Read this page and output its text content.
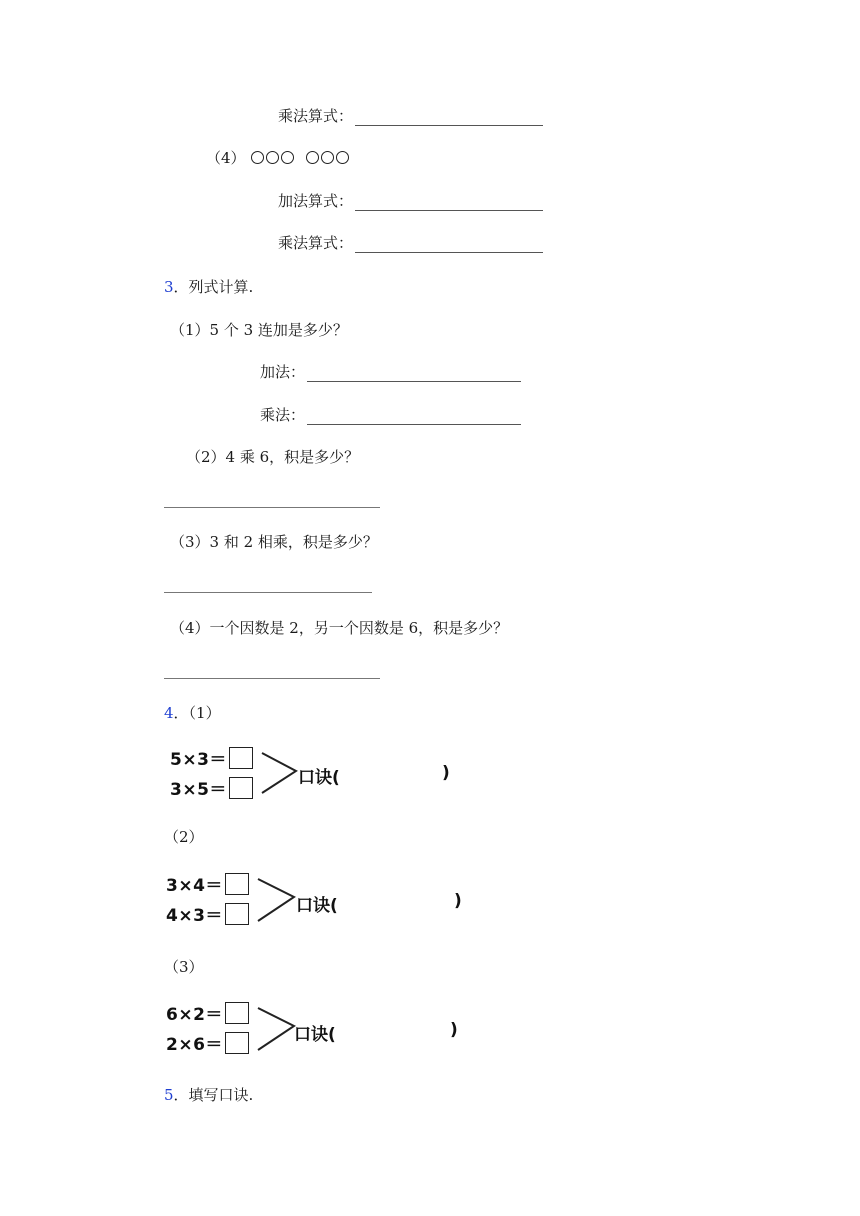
乘法算式：
（4）
加法算式：
乘法算式：
3．列式计算.
（1）5 个 3 连加是多少？
加法：
乘法：
（2）4 乘 6，积是多少？
（3）3 和 2 相乘，积是多少？
（4）一个因数是 2，另一个因数是 6，积是多少？
4．（1）
5×3＝
3×5＝
口诀(	)
（2）
3×4＝
4×3＝	口诀(	)
（3）
6×2＝
2×6＝	口诀(	)
5．填写口诀.
